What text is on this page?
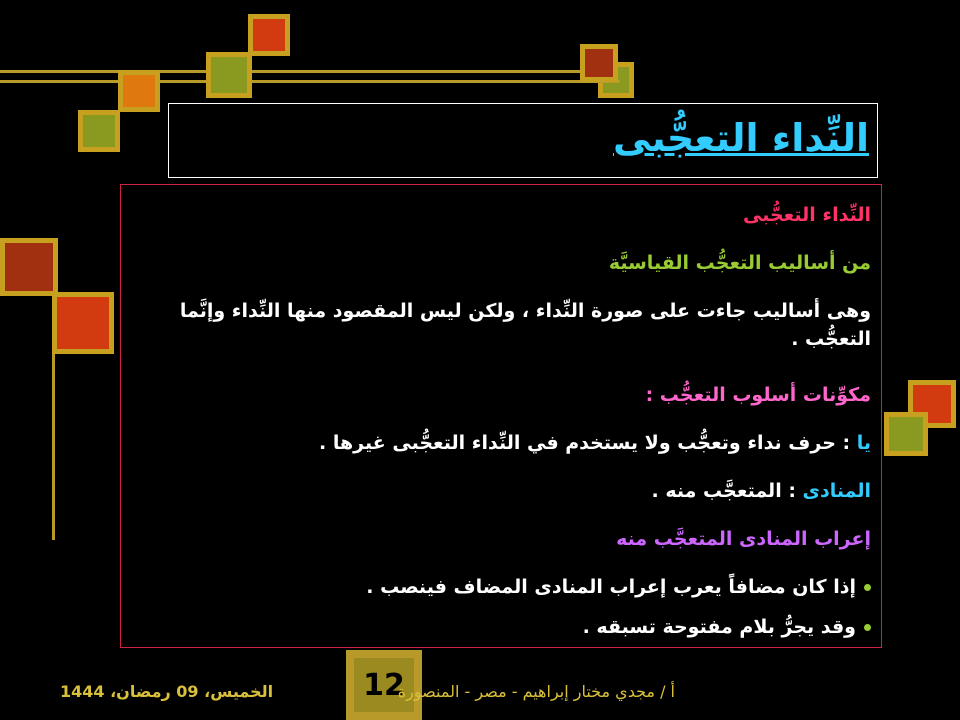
النِّداء التعجُّبى
النِّداء التعجُّبى
من أساليب التعجُّب القياسيَّة
وهى أساليب جاءت على صورة النِّداء ، ولكن ليس المقصود منها النِّداء وإنَّما التعجُّب .
مكوِّنات أسلوب التعجُّب :
يا : حرف نداء وتعجُّب ولا يستخدم في النِّداء التعجُّبى غيرها .
المنادى : المتعجَّب منه .
إعراب المنادى المتعجَّب منه
إذا كان مضافاً يعرب إعراب المنادى المضاف فينصب .
وقد يجرُّ بلام مفتوحة تسبقه .
الخميس، 09 رمضان، 1444	12
أ / مجدي مختار إبراهيم - مصر - المنصورة
